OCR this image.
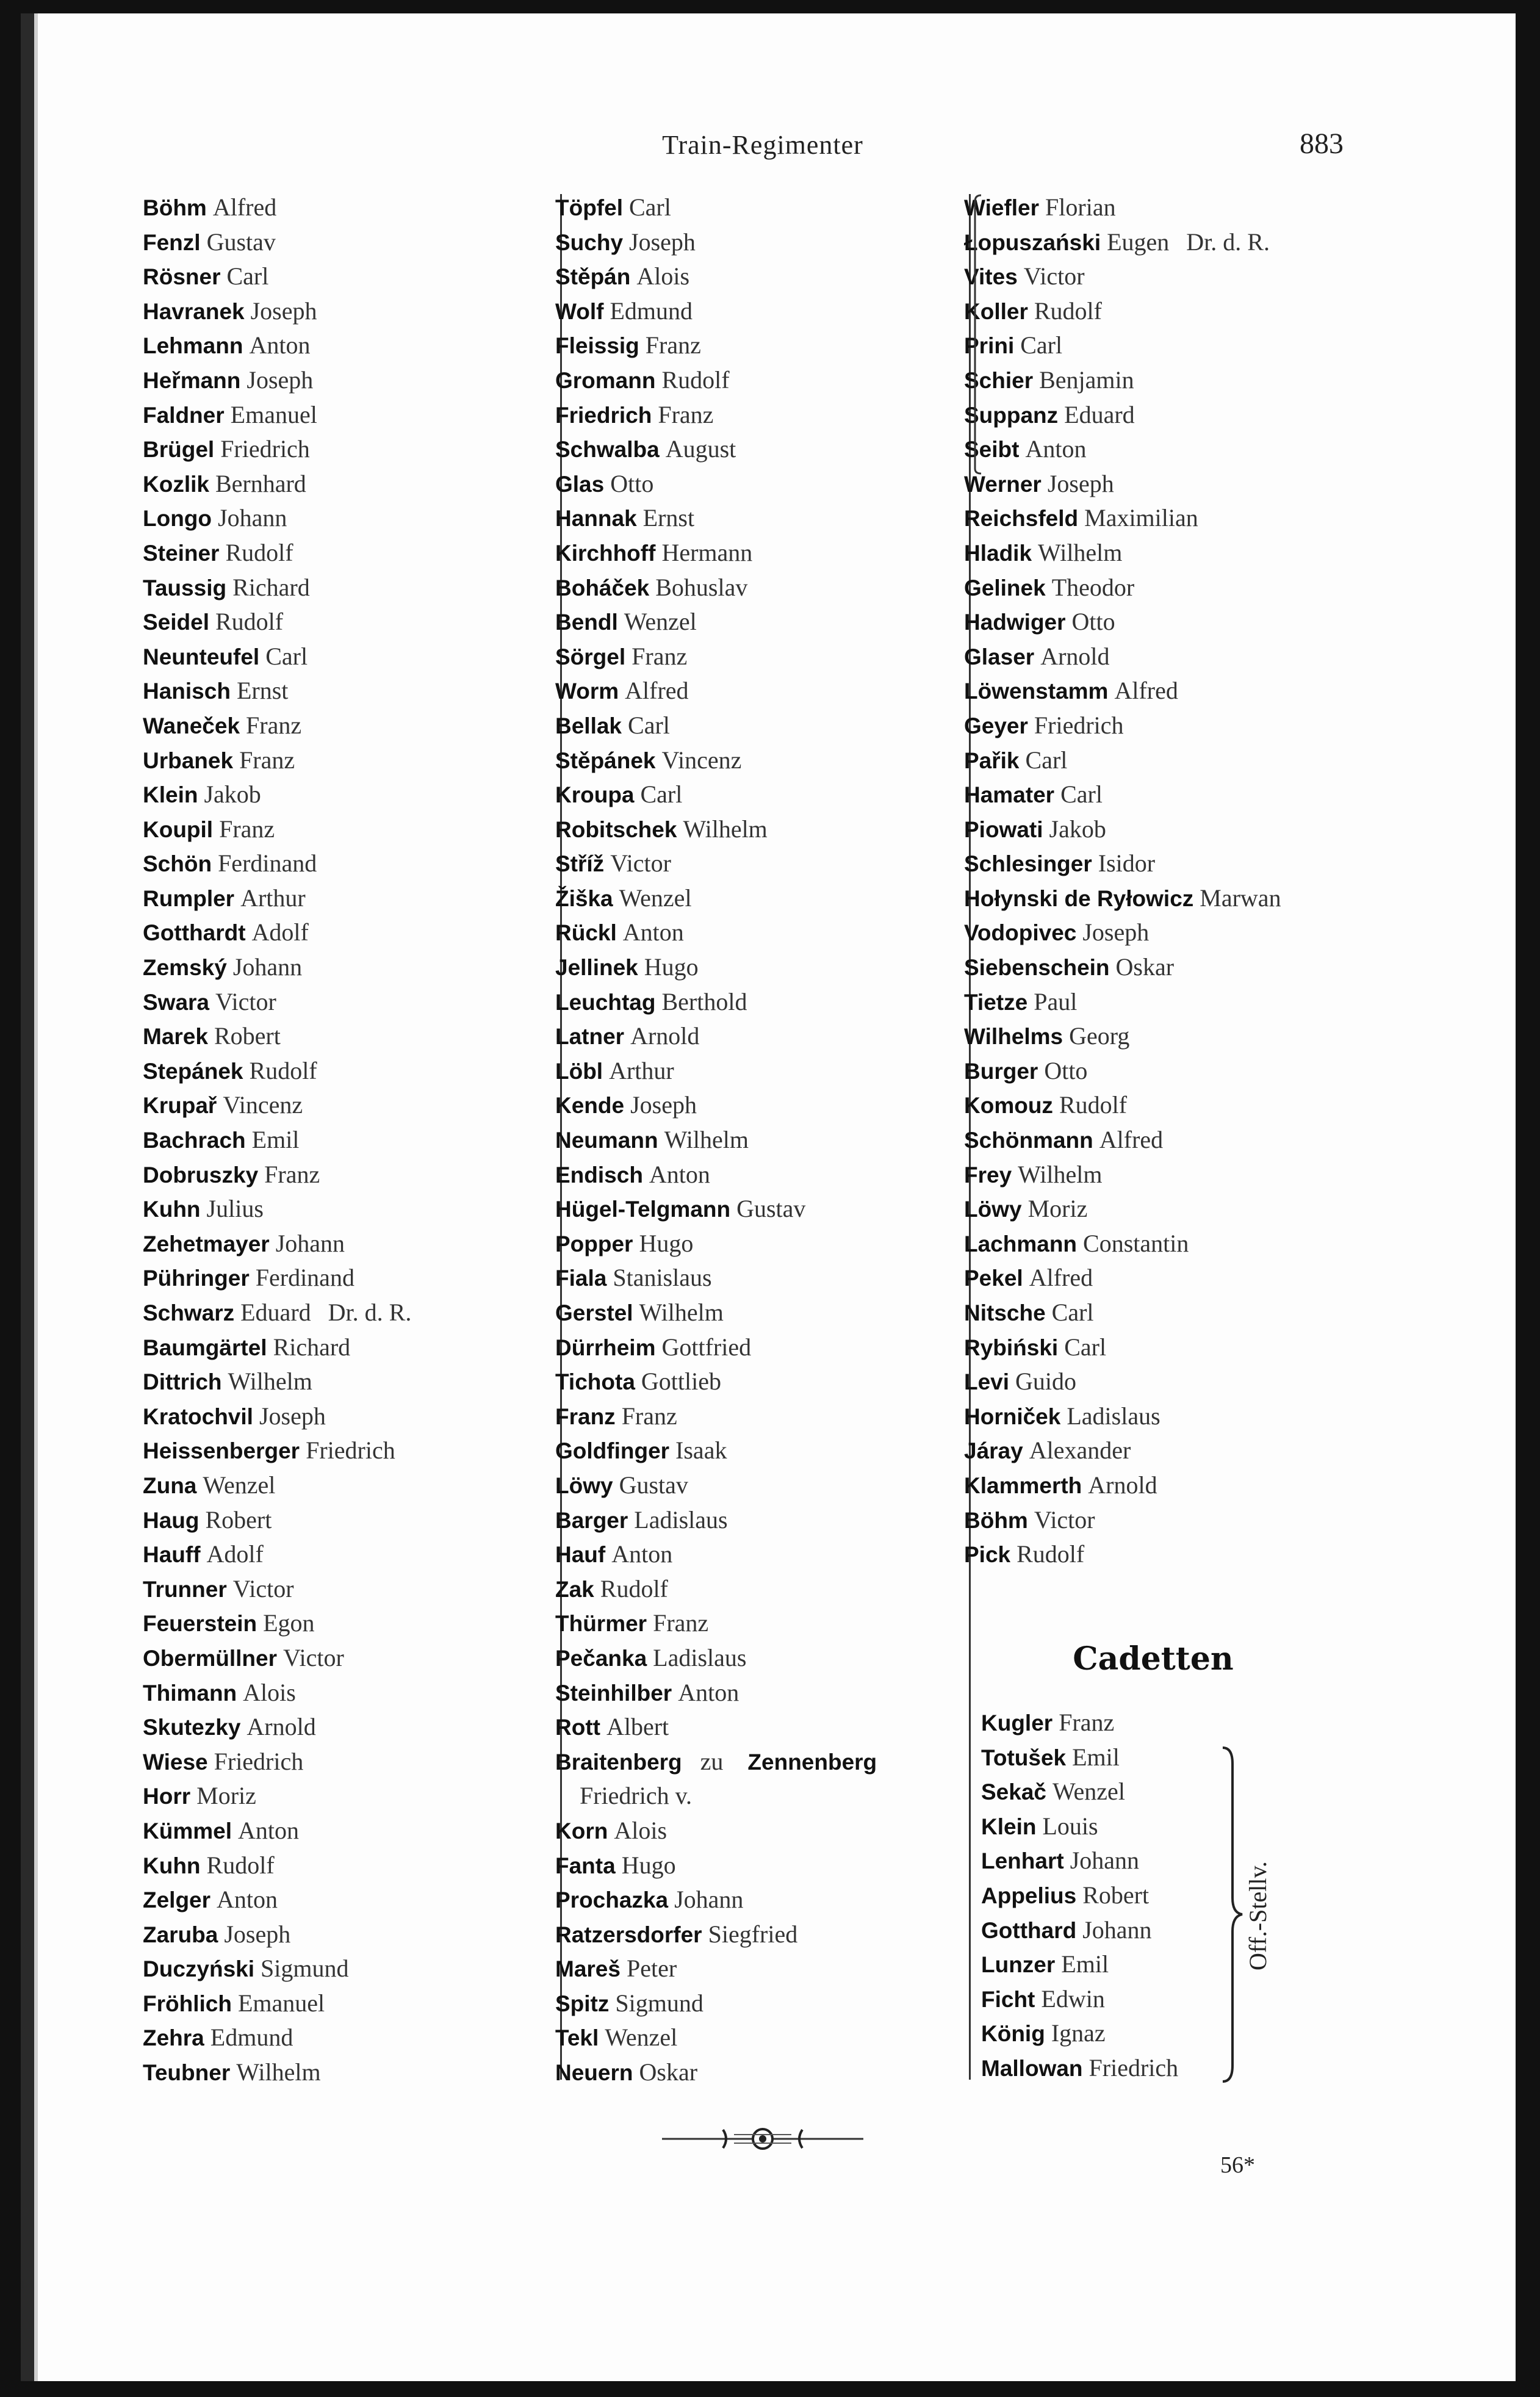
Train-Regimenter	883
Böhm Alfred
Fenzl Gustav
Rösner Carl
Havranek Joseph
Lehmann Anton
Heřmann Joseph
Faldner Emanuel
Brügel Friedrich
Kozlik Bernhard
Longo Johann
Steiner Rudolf
Taussig Richard
Seidel Rudolf
Neunteufel Carl
Hanisch Ernst
Waneček Franz
Urbanek Franz
Klein Jakob
Koupil Franz
Schön Ferdinand
Rumpler Arthur
Gotthardt Adolf
Zemský Johann
Swara Victor
Marek Robert
Stepánek Rudolf
Krupař Vincenz
Bachrach Emil
Dobruszky Franz
Kuhn Julius
Zehetmayer Johann
Pühringer Ferdinand
Schwarz Eduard Dr. d. R.
Baumgärtel Richard
Dittrich Wilhelm
Kratochvil Joseph
Heissenberger Friedrich
Zuna Wenzel
Haug Robert
Hauff Adolf
Trunner Victor
Feuerstein Egon
Obermüllner Victor
Thimann Alois
Skutezky Arnold
Wiese Friedrich
Horr Moriz
Kümmel Anton
Kuhn Rudolf
Zelger Anton
Zaruba Joseph
Duczyński Sigmund
Fröhlich Emanuel
Zehra Edmund
Teubner Wilhelm
Töpfel Carl
Suchy Joseph
Stěpán Alois
Wolf Edmund
Fleissig Franz
Gromann Rudolf
Friedrich Franz
Schwalba August
Glas Otto
Hannak Ernst
Kirchhoff Hermann
Boháček Bohuslav
Bendl Wenzel
Sörgel Franz
Worm Alfred
Bellak Carl
Stěpánek Vincenz
Kroupa Carl
Robitschek Wilhelm
Stříž Victor
Žiška Wenzel
Rückl Anton
Jellinek Hugo
Leuchtag Berthold
Latner Arnold
Löbl Arthur
Kende Joseph
Neumann Wilhelm
Endisch Anton
Hügel-Telgmann Gustav
Popper Hugo
Fiala Stanislaus
Gerstel Wilhelm
Dürrheim Gottfried
Tichota Gottlieb
Franz Franz
Goldfinger Isaak
Löwy Gustav
Barger Ladislaus
Hauf Anton
Zak Rudolf
Thürmer Franz
Pečanka Ladislaus
Steinhilber Anton
Rott Albert
Braitenberg zu Zennenberg
Friedrich v.
Korn Alois
Fanta Hugo
Prochazka Johann
Ratzersdorfer Siegfried
Mareš Peter
Spitz Sigmund
Tekl Wenzel
Neuern Oskar
Wiefler Florian
Łopuszański Eugen Dr. d. R.
Vites Victor
Koller Rudolf
Prini Carl
Schier Benjamin
Suppanz Eduard
Seibt Anton
Werner Joseph
Reichsfeld Maximilian
Hladik Wilhelm
Gelinek Theodor
Hadwiger Otto
Glaser Arnold
Löwenstamm Alfred
Geyer Friedrich
Pařik Carl
Hamater Carl
Piowati Jakob
Schlesinger Isidor
Hołynski de Ryłowicz Marwan
Vodopivec Joseph
Siebenschein Oskar
Tietze Paul
Wilhelms Georg
Burger Otto
Komouz Rudolf
Schönmann Alfred
Frey Wilhelm
Löwy Moriz
Lachmann Constantin
Pekel Alfred
Nitsche Carl
Rybiński Carl
Levi Guido
Horniček Ladislaus
Járay Alexander
Klammerth Arnold
Böhm Victor
Pick Rudolf
Cadetten
Kugler Franz
Totušek Emil
Sekač Wenzel
Klein Louis
Lenhart Johann
Appelius Robert
Gotthard Johann
Lunzer Emil
Ficht Edwin
König Ignaz
Mallowan Friedrich
Off.-Stellv.
56*
